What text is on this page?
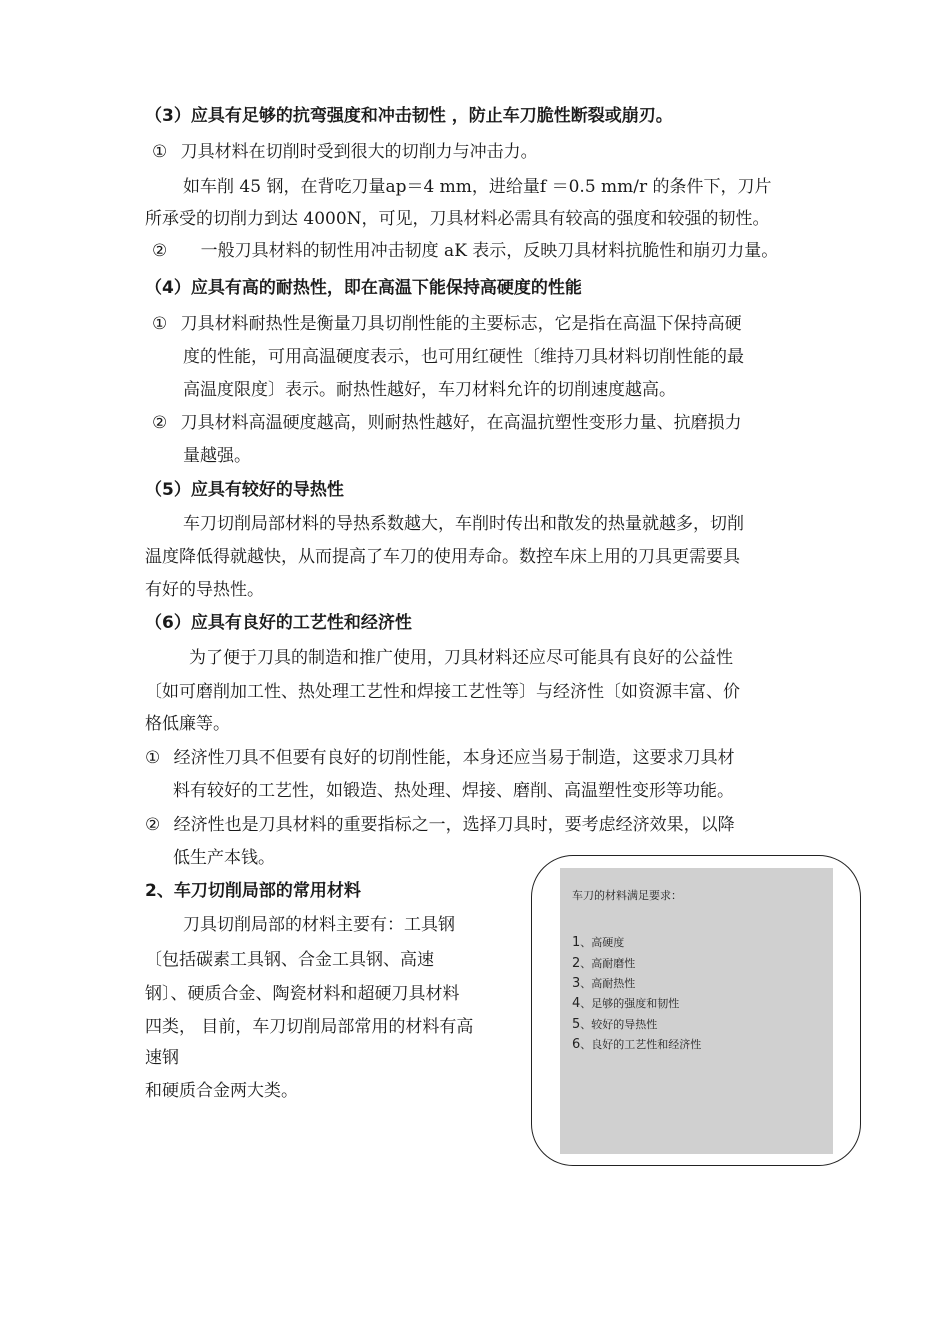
（3）应具有足够的抗弯强度和冲击韧性 ，防止车刀脆性断裂或崩刃。

① 刀具材料在切削时受到很大的切削力与冲击力。

如车削 45 钢，在背吃刀量ap＝4 mm，进给量f ＝0.5 mm/r 的条件下，刀片

所承受的切削力到达 4000N，可见，刀具材料必需具有较高的强度和较强的韧性。

② 一般刀具材料的韧性用冲击韧度 aK 表示，反映刀具材料抗脆性和崩刃力量。

（4）应具有高的耐热性，即在高温下能保持高硬度的性能

① 刀具材料耐热性是衡量刀具切削性能的主要标志，它是指在高温下保持高硬

度的性能，可用高温硬度表示，也可用红硬性〔维持刀具材料切削性能的最

高温度限度〕表示。耐热性越好，车刀材料允许的切削速度越高。

② 刀具材料高温硬度越高，则耐热性越好，在高温抗塑性变形力量、抗磨损力

量越强。

（5）应具有较好的导热性

车刀切削局部材料的导热系数越大，车削时传出和散发的热量就越多，切削

温度降低得就越快，从而提高了车刀的使用寿命。数控车床上用的刀具更需要具

有好的导热性。

（6）应具有良好的工艺性和经济性

为了便于刀具的制造和推广使用，刀具材料还应尽可能具有良好的公益性

〔如可磨削加工性、热处理工艺性和焊接工艺性等〕与经济性〔如资源丰富、价

格低廉等。

① 经济性刀具不但要有良好的切削性能，本身还应当易于制造，这要求刀具材

料有较好的工艺性，如锻造、热处理、焊接、磨削、高温塑性变形等功能。

② 经济性也是刀具材料的重要指标之一，选择刀具时，要考虑经济效果，以降

低生产本钱。

2、车刀切削局部的常用材料

刀具切削局部的材料主要有：工具钢

〔包括碳素工具钢、合金工具钢、高速

钢〕、硬质合金、陶瓷材料和超硬刀具材料

四类， 目前，车刀切削局部常用的材料有高

速钢

和硬质合金两大类。

车刀的材料满足要求：
1、高硬度
2、高耐磨性
3、高耐热性
4、足够的强度和韧性
5、较好的导热性
6、良好的工艺性和经济性
